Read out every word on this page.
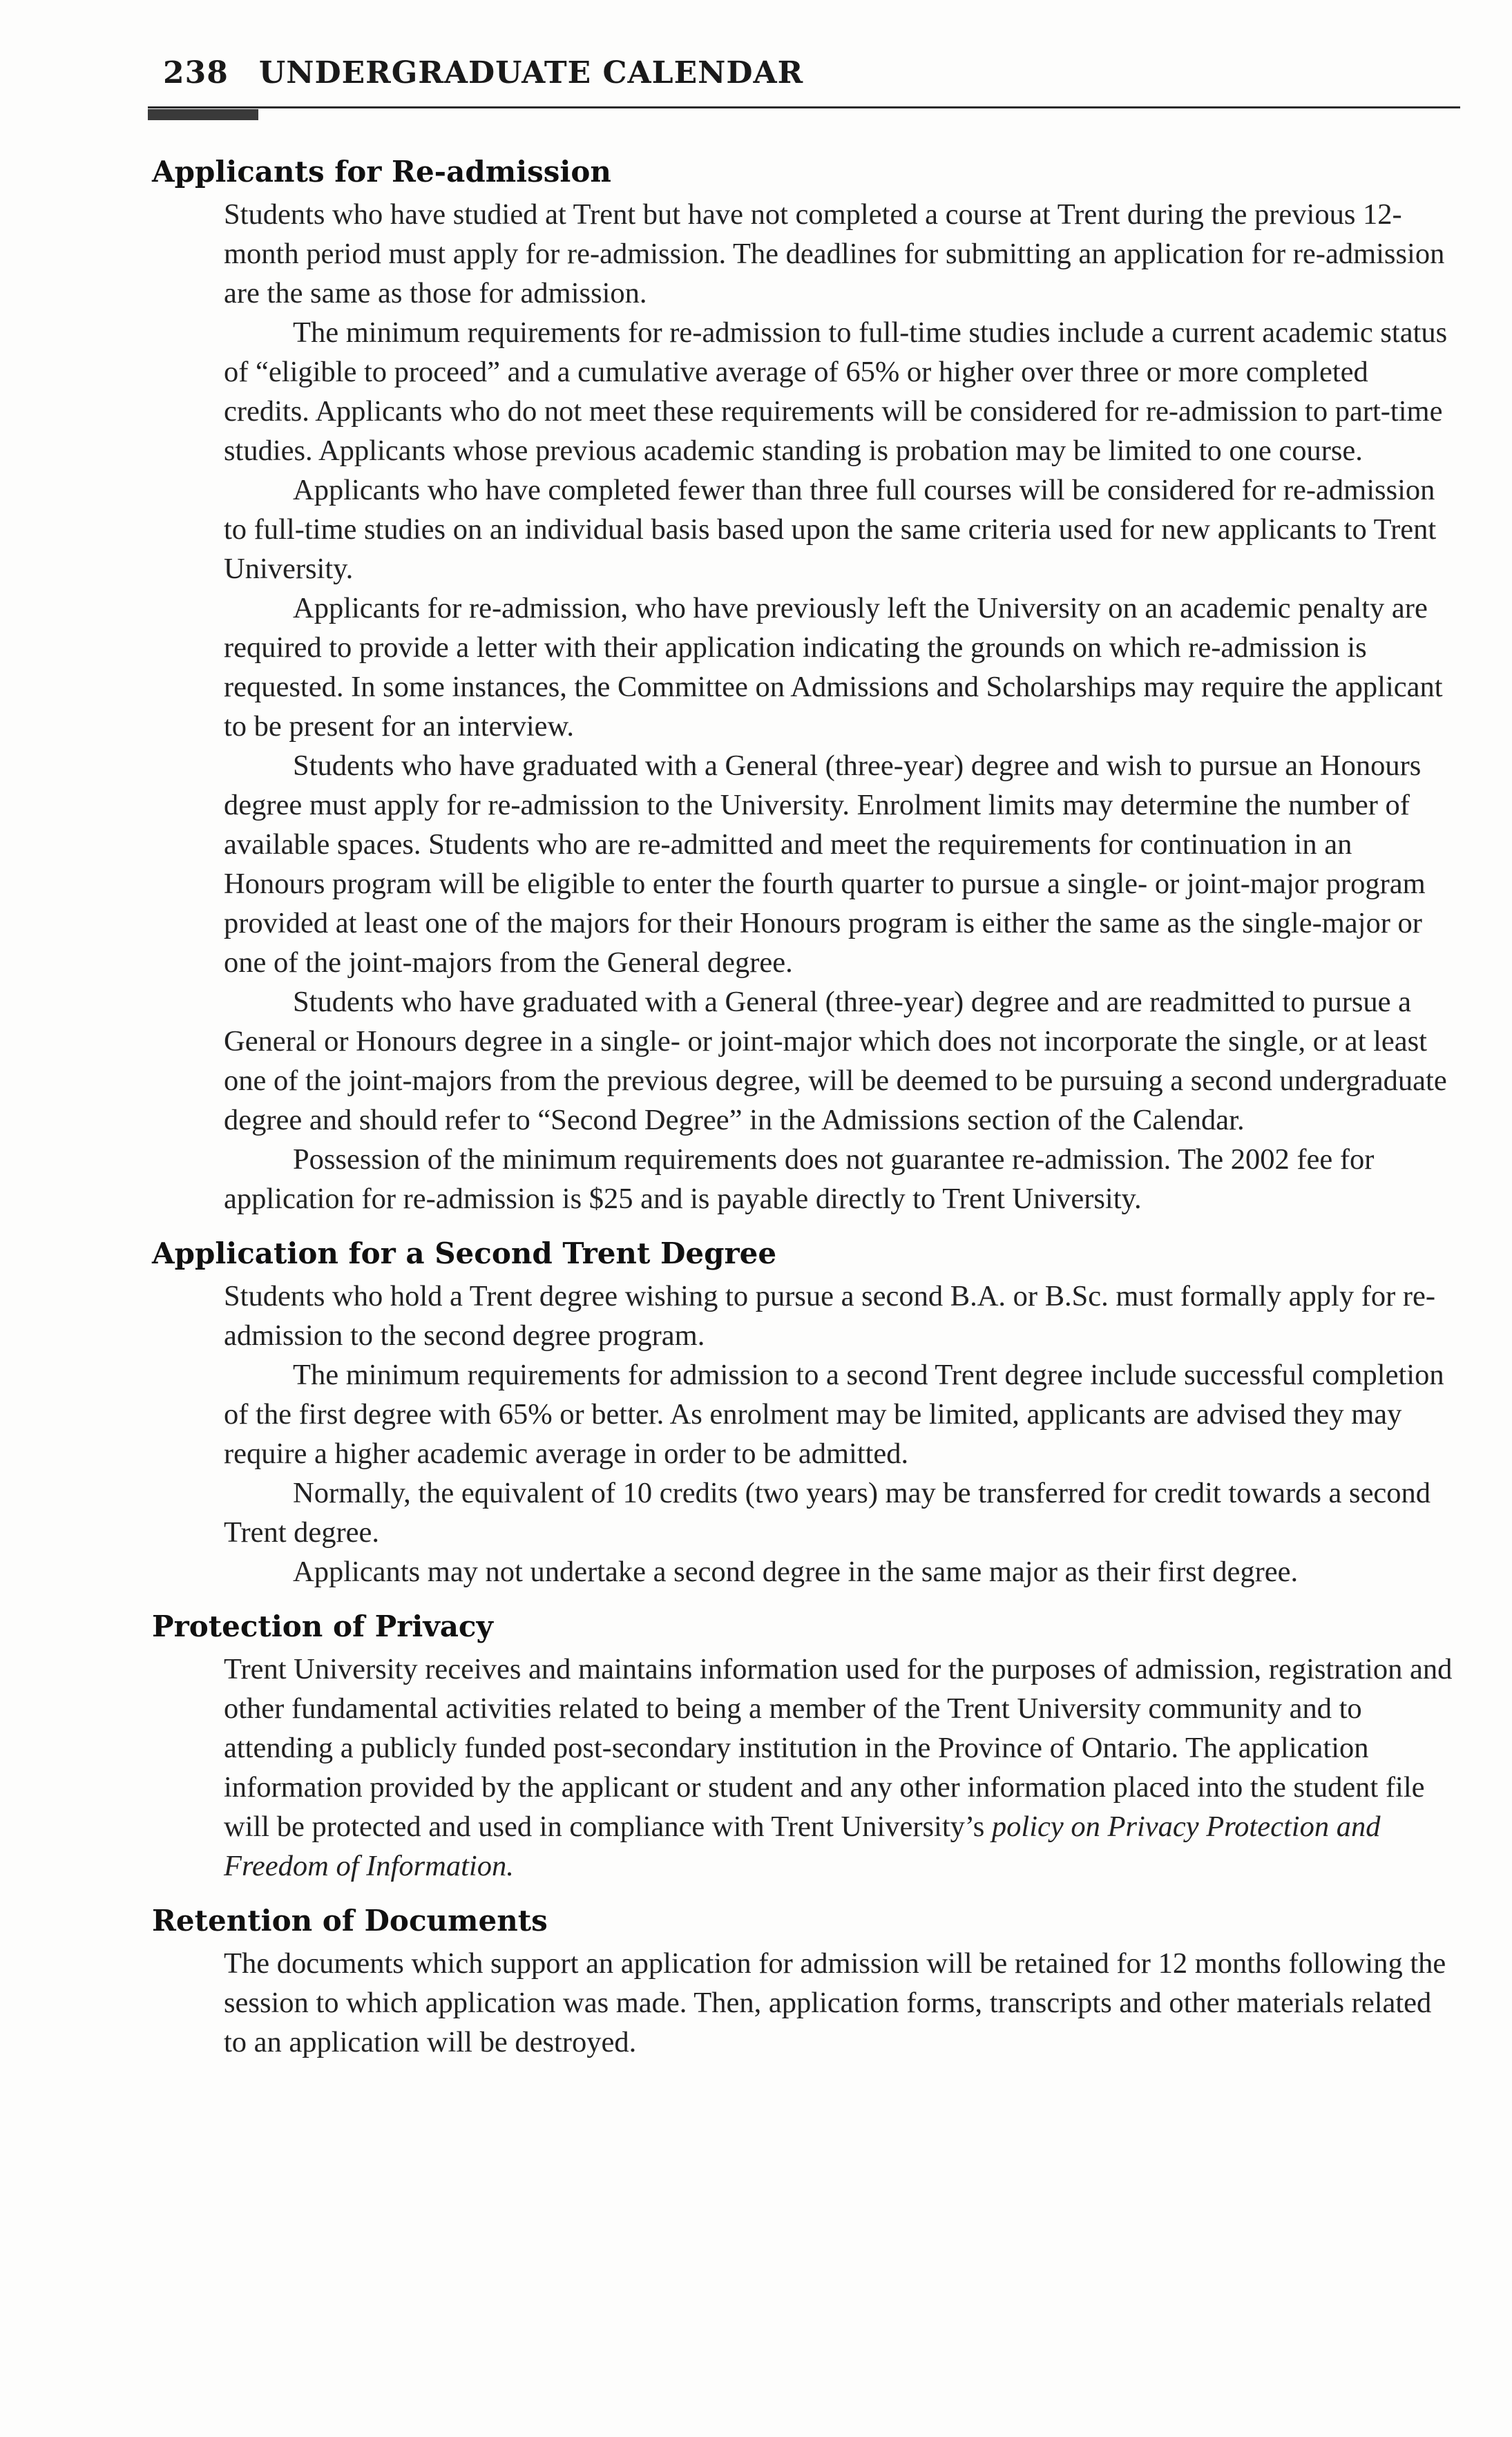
238 UNDERGRADUATE CALENDAR
Applicants for Re-admission

Students who have studied at Trent but have not completed a course at Trent during the previous 12-month period must apply for re-admission. The deadlines for submitting an application for re-admission are the same as those for admission.

The minimum requirements for re-admission to full-time studies include a current academic status of “eligible to proceed” and a cumulative average of 65% or higher over three or more completed credits. Applicants who do not meet these requirements will be considered for re-admission to part-time studies. Applicants whose previous academic standing is probation may be limited to one course.

Applicants who have completed fewer than three full courses will be considered for re-admission to full-time studies on an individual basis based upon the same criteria used for new applicants to Trent University.

Applicants for re-admission, who have previously left the University on an academic penalty are required to provide a letter with their application indicating the grounds on which re-admission is requested. In some instances, the Committee on Admissions and Scholarships may require the applicant to be present for an interview.

Students who have graduated with a General (three-year) degree and wish to pursue an Honours degree must apply for re-admission to the University. Enrolment limits may determine the number of available spaces. Students who are re-admitted and meet the requirements for continuation in an Honours program will be eligible to enter the fourth quarter to pursue a single- or joint-major program provided at least one of the majors for their Honours program is either the same as the single-major or one of the joint-majors from the General degree.

Students who have graduated with a General (three-year) degree and are readmitted to pursue a General or Honours degree in a single- or joint-major which does not incorporate the single, or at least one of the joint-majors from the previous degree, will be deemed to be pursuing a second undergraduate degree and should refer to “Second Degree” in the Admissions section of the Calendar.

Possession of the minimum requirements does not guarantee re-admission. The 2002 fee for application for re-admission is $25 and is payable directly to Trent University.

Application for a Second Trent Degree

Students who hold a Trent degree wishing to pursue a second B.A. or B.Sc. must formally apply for re-admission to the second degree program.

The minimum requirements for admission to a second Trent degree include successful completion of the first degree with 65% or better. As enrolment may be limited, applicants are advised they may require a higher academic average in order to be admitted.

Normally, the equivalent of 10 credits (two years) may be transferred for credit towards a second Trent degree.

Applicants may not undertake a second degree in the same major as their first degree.

Protection of Privacy

Trent University receives and maintains information used for the purposes of admission, registration and other fundamental activities related to being a member of the Trent University community and to attending a publicly funded post-secondary institution in the Province of Ontario. The application information provided by the applicant or student and any other information placed into the student file will be protected and used in compliance with Trent University’s policy on Privacy Protection and Freedom of Information.

Retention of Documents

The documents which support an application for admission will be retained for 12 months following the session to which application was made. Then, application forms, transcripts and other materials related to an application will be destroyed.
